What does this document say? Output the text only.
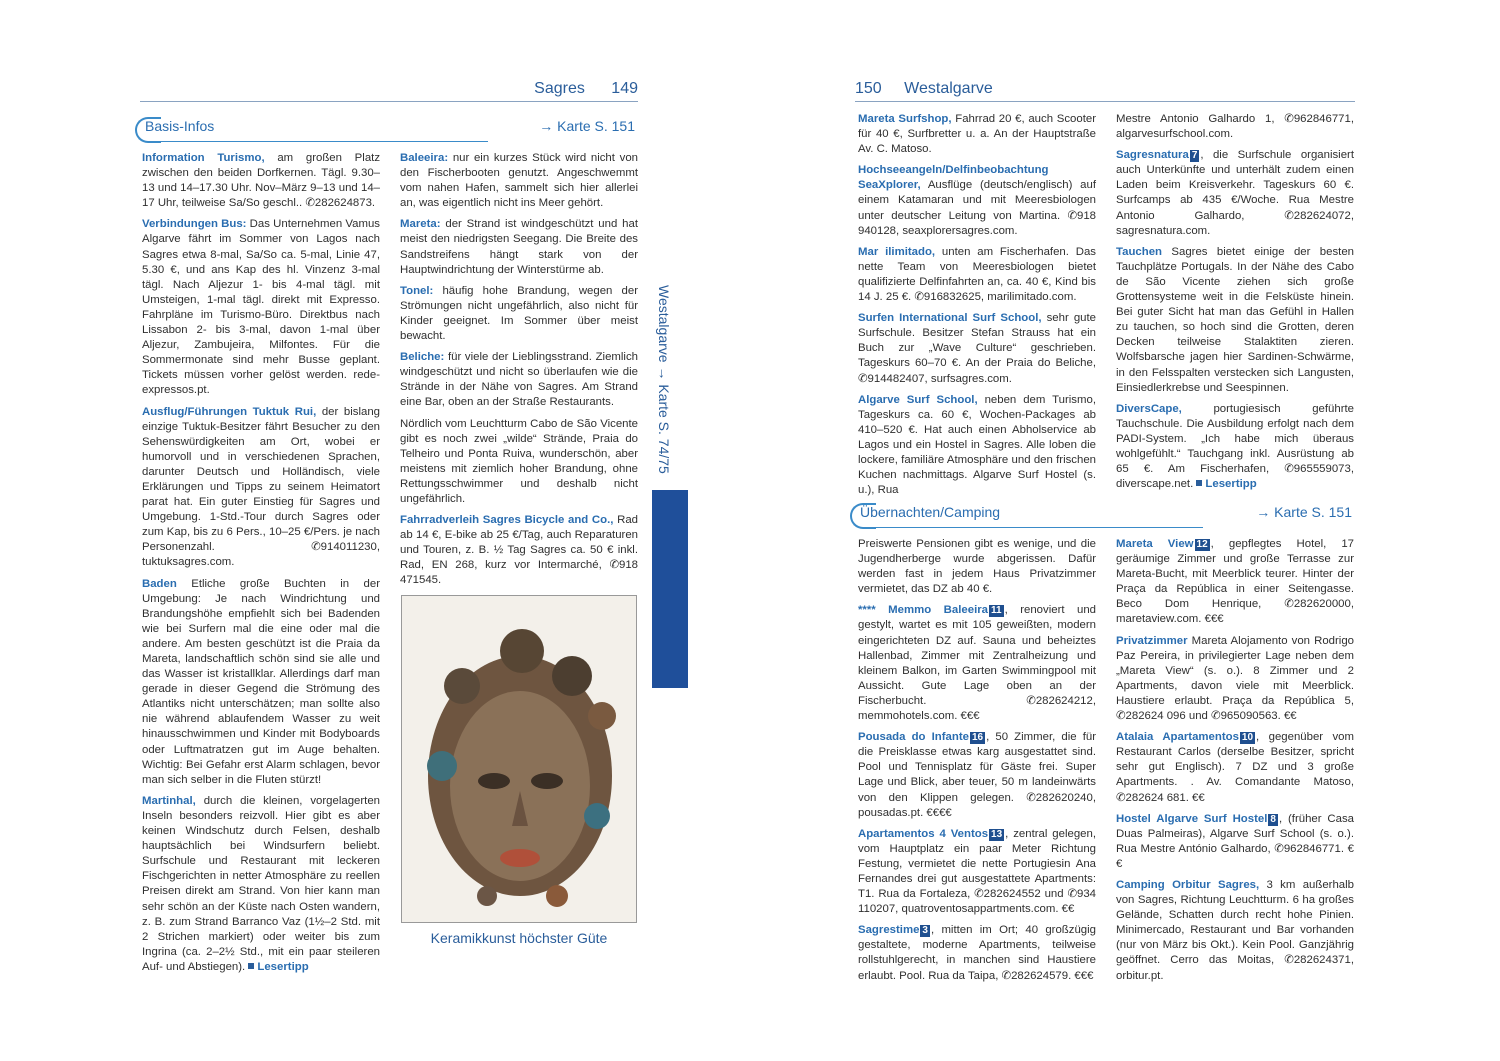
Sagres 149
Basis-Infos	→ Karte S. 151

Information Turismo, am großen Platz zwischen den beiden Dorfkernen. Tägl. 9.30–13 und 14–17.30 Uhr. Nov–März 9–13 und 14–17 Uhr, teilweise Sa/So geschl.. ✆282624873.

Verbindungen Bus: Das Unternehmen Vamus Algarve fährt im Sommer von Lagos nach Sagres etwa 8-mal, Sa/So ca. 5-mal, Linie 47, 5.30 €, und ans Kap des hl. Vinzenz 3-mal tägl. Nach Aljezur 1- bis 4-mal tägl. mit Umsteigen, 1-mal tägl. direkt mit Expresso. Fahrpläne im Turismo-Büro. Direktbus nach Lissabon 2- bis 3-mal, davon 1-mal über Aljezur, Zambujeira, Milfontes. Für die Sommermonate sind mehr Busse geplant. Tickets müssen vorher gelöst werden. rede-expressos.pt.

Ausflug/Führungen Tuktuk Rui, der bislang einzige Tuktuk-Besitzer fährt Besucher zu den Sehenswürdigkeiten am Ort, wobei er humorvoll und in verschiedenen Sprachen, darunter Deutsch und Holländisch, viele Erklärungen und Tipps zu seinem Heimatort parat hat. Ein guter Einstieg für Sagres und Umgebung. 1-Std.-Tour durch Sagres oder zum Kap, bis zu 6 Pers., 10–25 €/Pers. je nach Personenzahl. ✆914011230, tuktuksagres.com.

Baden Etliche große Buchten in der Umgebung: Je nach Windrichtung und Brandungshöhe empfiehlt sich bei Badenden wie bei Surfern mal die eine oder mal die andere. Am besten geschützt ist die Praia da Mareta, landschaftlich schön sind sie alle und das Wasser ist kristallklar. Allerdings darf man gerade in dieser Gegend die Strömung des Atlantiks nicht unterschätzen; man sollte also nie während ablaufendem Wasser zu weit hinausschwimmen und Kinder mit Bodyboards oder Luftmatratzen gut im Auge behalten. Wichtig: Bei Gefahr erst Alarm schlagen, bevor man sich selber in die Fluten stürzt!

Martinhal, durch die kleinen, vorgelagerten Inseln besonders reizvoll. Hier gibt es aber keinen Windschutz durch Felsen, deshalb hauptsächlich bei Windsurfern beliebt. Surfschule und Restaurant mit leckeren Fischgerichten in netter Atmosphäre zu reellen Preisen direkt am Strand. Von hier kann man sehr schön an der Küste nach Osten wandern, z. B. zum Strand Barranco Vaz (1½–2 Std. mit 2 Strichen markiert) oder weiter bis zum Ingrina (ca. 2–2½ Std., mit ein paar steileren Auf- und Abstiegen). Lesertipp

Baleeira: nur ein kurzes Stück wird nicht von den Fischerbooten genutzt. Angeschwemmt vom nahen Hafen, sammelt sich hier allerlei an, was eigentlich nicht ins Meer gehört.

Mareta: der Strand ist windgeschützt und hat meist den niedrigsten Seegang. Die Breite des Sandstreifens hängt stark von der Hauptwindrichtung der Winterstürme ab.

Tonel: häufig hohe Brandung, wegen der Strömungen nicht ungefährlich, also nicht für Kinder geeignet. Im Sommer über meist bewacht.

Beliche: für viele der Lieblingsstrand. Ziemlich windgeschützt und nicht so überlaufen wie die Strände in der Nähe von Sagres. Am Strand eine Bar, oben an der Straße Restaurants.

Nördlich vom Leuchtturm Cabo de São Vicente gibt es noch zwei „wilde“ Strände, Praia do Telheiro und Ponta Ruiva, wunderschön, aber meistens mit ziemlich hoher Brandung, ohne Rettungsschwimmer und deshalb nicht ungefährlich.

Fahrradverleih Sagres Bicycle and Co., Rad ab 14 €, E-bike ab 25 €/Tag, auch Reparaturen und Touren, z. B. ½ Tag Sagres ca. 50 € inkl. Rad, EN 268, kurz vor Intermarché, ✆918 471545.

Keramikkunst höchster Güte
Westalgarve → Karte S. 74/75
150 Westalgarve

Mareta Surfshop, Fahrrad 20 €, auch Scooter für 40 €, Surfbretter u. a. An der Hauptstraße Av. C. Matoso.

Hochseeangeln/Delfinbeobachtung SeaXplorer, Ausflüge (deutsch/englisch) auf einem Katamaran und mit Meeresbiologen unter deutscher Leitung von Martina. ✆918 940128, seaxplorersagres.com.

Mar ilimitado, unten am Fischerhafen. Das nette Team von Meeresbiologen bietet qualifizierte Delfinfahrten an, ca. 40 €, Kind bis 14 J. 25 €. ✆916832625, marilimitado.com.

Surfen International Surf School, sehr gute Surfschule. Besitzer Stefan Strauss hat ein Buch zur „Wave Culture“ geschrieben. Tageskurs 60–70 €. An der Praia do Beliche, ✆914482407, surfsagres.com.

Algarve Surf School, neben dem Turismo, Tageskurs ca. 60 €, Wochen-Packages ab 410–520 €. Hat auch einen Abholservice ab Lagos und ein Hostel in Sagres. Alle loben die lockere, familiäre Atmosphäre und den frischen Kuchen nachmittags. Algarve Surf Hostel (s. u.), Rua

Mestre Antonio Galhardo 1, ✆962846771, algarvesurfschool.com.

Sagresnatura 7 , die Surfschule organisiert auch Unterkünfte und unterhält zudem einen Laden beim Kreisverkehr. Tageskurs 60 €. Surfcamps ab 435 €/Woche. Rua Mestre Antonio Galhardo, ✆282624072, sagresnatura.com.

Tauchen Sagres bietet einige der besten Tauchplätze Portugals. In der Nähe des Cabo de São Vicente ziehen sich große Grottensysteme weit in die Felsküste hinein. Bei guter Sicht hat man das Gefühl in Hallen zu tauchen, so hoch sind die Grotten, deren Decken teilweise Stalaktiten zieren. Wolfsbarsche jagen hier Sardinen-Schwärme, in den Felsspalten verstecken sich Langusten, Einsiedlerkrebse und Seespinnen.

DiversCape, portugiesisch geführte Tauchschule. Die Ausbildung erfolgt nach dem PADI-System. „Ich habe mich überaus wohlgefühlt.“ Tauchgang inkl. Ausrüstung ab 65 €. Am Fischerhafen, ✆965559073, diverscape.net. Lesertipp

Übernachten/Camping	→ Karte S. 151

Preiswerte Pensionen gibt es wenige, und die Jugendherberge wurde abgerissen. Dafür werden fast in jedem Haus Privatzimmer vermietet, das DZ ab 40 €.

**** Memmo Baleeira 11 , renoviert und gestylt, wartet es mit 105 geweißten, modern eingerichteten DZ auf. Sauna und beheiztes Hallenbad, Zimmer mit Zentralheizung und kleinem Balkon, im Garten Swimmingpool mit Aussicht. Gute Lage oben an der Fischerbucht. ✆282624212, memmohotels.com. €€€

Pousada do Infante 16 , 50 Zimmer, die für die Preisklasse etwas karg ausgestattet sind. Pool und Tennisplatz für Gäste frei. Super Lage und Blick, aber teuer, 50 m landeinwärts von den Klippen gelegen. ✆282620240, pousadas.pt. €€€€

Apartamentos 4 Ventos 13 , zentral gelegen, vom Hauptplatz ein paar Meter Richtung Festung, vermietet die nette Portugiesin Ana Fernandes drei gut ausgestattete Apartments: T1. Rua da Fortaleza, ✆282624552 und ✆934 110207, quatroventosappartments.com. €€

Sagrestime 3 , mitten im Ort; 40 großzügig gestaltete, moderne Apartments, teilweise rollstuhlgerecht, in manchen sind Haustiere erlaubt. Pool. Rua da Taipa, ✆282624579. €€€

Mareta View 12 , gepflegtes Hotel, 17 geräumige Zimmer und große Terrasse zur Mareta-Bucht, mit Meerblick teurer. Hinter der Praça da República in einer Seitengasse. Beco Dom Henrique, ✆282620000, maretaview.com. €€€

Privatzimmer Mareta Alojamento von Rodrigo Paz Pereira, in privilegierter Lage neben dem „Mareta View“ (s. o.). 8 Zimmer und 2 Apartments, davon viele mit Meerblick. Haustiere erlaubt. Praça da República 5, ✆282624 096 und ✆965090563. €€

Atalaia Apartamentos 10 , gegenüber vom Restaurant Carlos (derselbe Besitzer, spricht sehr gut Englisch). 7 DZ und 3 große Apartments. . Av. Comandante Matoso, ✆282624 681. €€

Hostel Algarve Surf Hostel 8 , (früher Casa Duas Palmeiras), Algarve Surf School (s. o.). Rua Mestre António Galhardo, ✆962846771. €€

Camping Orbitur Sagres, 3 km außerhalb von Sagres, Richtung Leuchtturm. 6 ha großes Gelände, Schatten durch recht hohe Pinien. Minimercado, Restaurant und Bar vorhanden (nur von März bis Okt.). Kein Pool. Ganzjährig geöffnet. Cerro das Moitas, ✆282624371, orbitur.pt.
